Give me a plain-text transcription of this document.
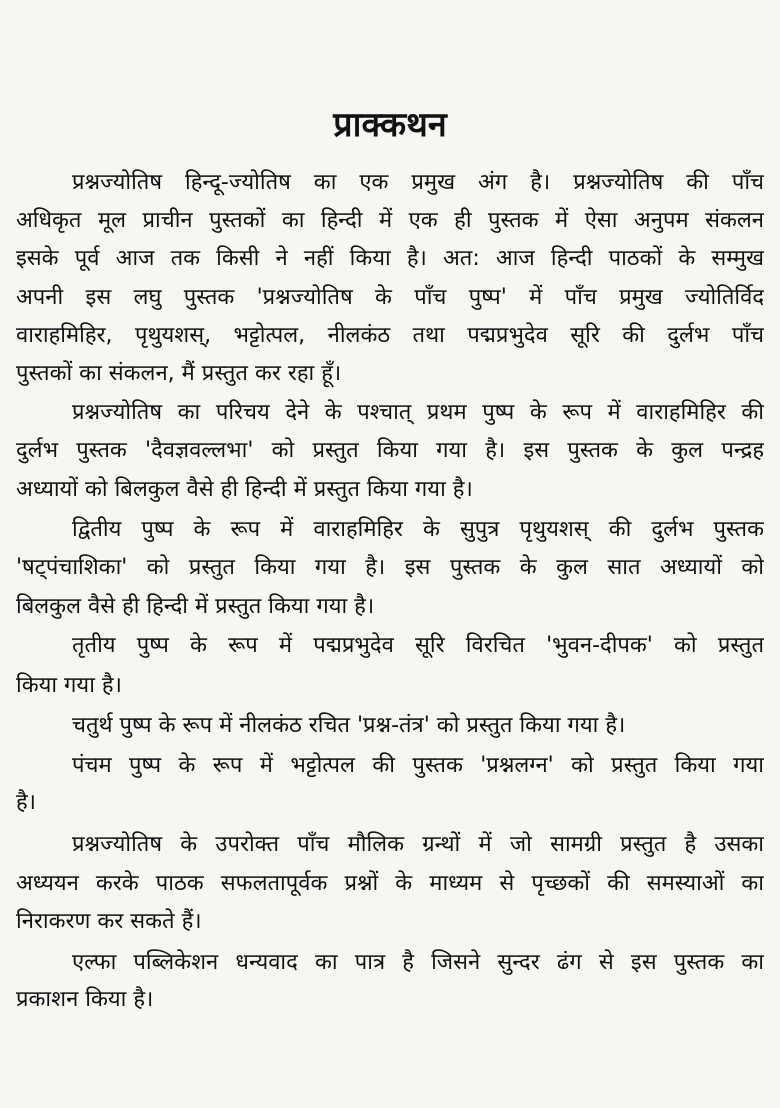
प्राक्कथन
प्रश्नज्योतिष हिन्दू-ज्योतिष का एक प्रमुख अंग है। प्रश्नज्योतिष की पाँच
अधिकृत मूल प्राचीन पुस्तकों का हिन्दी में एक ही पुस्तक में ऐसा अनुपम संकलन
इसके पूर्व आज तक किसी ने नहीं किया है। अत: आज हिन्दी पाठकों के सम्मुख
अपनी इस लघु पुस्तक 'प्रश्नज्योतिष के पाँच पुष्प' में पाँच प्रमुख ज्योतिर्विद
वाराहमिहिर, पृथुयशस्, भट्टोत्पल, नीलकंठ तथा पद्मप्रभुदेव सूरि की दुर्लभ पाँच
पुस्तकों का संकलन, मैं प्रस्तुत कर रहा हूँ।
प्रश्नज्योतिष का परिचय देने के पश्चात् प्रथम पुष्प के रूप में वाराहमिहिर की
दुर्लभ पुस्तक 'दैवज्ञवल्लभा' को प्रस्तुत किया गया है। इस पुस्तक के कुल पन्द्रह
अध्यायों को बिलकुल वैसे ही हिन्दी में प्रस्तुत किया गया है।
द्वितीय पुष्प के रूप में वाराहमिहिर के सुपुत्र पृथुयशस् की दुर्लभ पुस्तक
'षट्पंचाशिका' को प्रस्तुत किया गया है। इस पुस्तक के कुल सात अध्यायों को
बिलकुल वैसे ही हिन्दी में प्रस्तुत किया गया है।
तृतीय पुष्प के रूप में पद्मप्रभुदेव सूरि विरचित 'भुवन-दीपक' को प्रस्तुत
किया गया है।
चतुर्थ पुष्प के रूप में नीलकंठ रचित 'प्रश्न-तंत्र' को प्रस्तुत किया गया है।
पंचम पुष्प के रूप में भट्टोत्पल की पुस्तक 'प्रश्नलग्न' को प्रस्तुत किया गया
है।
प्रश्नज्योतिष के उपरोक्त पाँच मौलिक ग्रन्थों में जो सामग्री प्रस्तुत है उसका
अध्ययन करके पाठक सफलतापूर्वक प्रश्नों के माध्यम से पृच्छकों की समस्याओं का
निराकरण कर सकते हैं।
एल्फा पब्लिकेशन धन्यवाद का पात्र है जिसने सुन्दर ढंग से इस पुस्तक का
प्रकाशन किया है।
